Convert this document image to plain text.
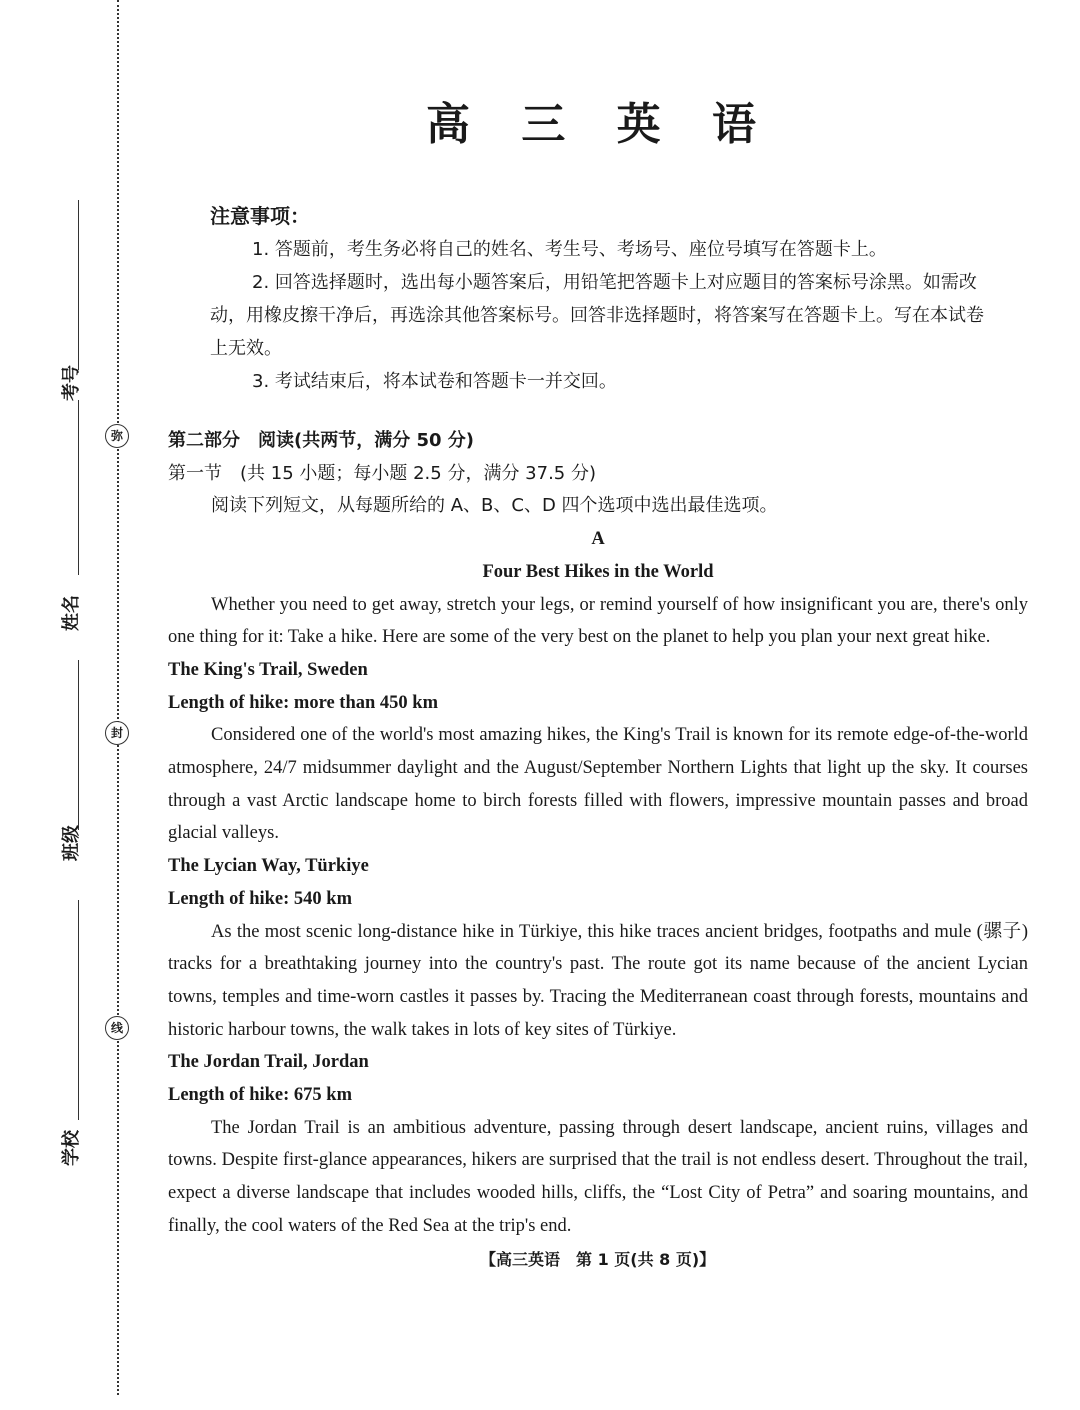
弥
封
线
考号
姓名
班级
学校
高 三 英 语
注意事项：

1. 答题前，考生务必将自己的姓名、考生号、考场号、座位号填写在答题卡上。

2. 回答选择题时，选出每小题答案后，用铅笔把答题卡上对应题目的答案标号涂黑。如需改动，用橡皮擦干净后，再选涂其他答案标号。回答非选择题时，将答案写在答题卡上。写在本试卷上无效。

3. 考试结束后，将本试卷和答题卡一并交回。

第二部分　阅读(共两节，满分 50 分)

第一节　(共 15 小题；每小题 2.5 分，满分 37.5 分)

阅读下列短文，从每题所给的 A、B、C、D 四个选项中选出最佳选项。

A

Four Best Hikes in the World

Whether you need to get away, stretch your legs, or remind yourself of how insignificant you are, there's only one thing for it: Take a hike. Here are some of the very best on the planet to help you plan your next great hike.

The King's Trail, Sweden

Length of hike: more than 450 km

Considered one of the world's most amazing hikes, the King's Trail is known for its remote edge-of-the-world atmosphere, 24/7 midsummer daylight and the August/September Northern Lights that light up the sky. It courses through a vast Arctic landscape home to birch forests filled with flowers, impressive mountain passes and broad glacial valleys.

The Lycian Way, Türkiye

Length of hike: 540 km

As the most scenic long-distance hike in Türkiye, this hike traces ancient bridges, footpaths and mule (骡子) tracks for a breathtaking journey into the country's past. The route got its name because of the ancient Lycian towns, temples and time-worn castles it passes by. Tracing the Mediterranean coast through forests, mountains and historic harbour towns, the walk takes in lots of key sites of Türkiye.

The Jordan Trail, Jordan

Length of hike: 675 km

The Jordan Trail is an ambitious adventure, passing through desert landscape, ancient ruins, villages and towns. Despite first-glance appearances, hikers are surprised that the trail is not endless desert. Throughout the trail, expect a diverse landscape that includes wooded hills, cliffs, the “Lost City of Petra” and soaring mountains, and finally, the cool waters of the Red Sea at the trip's end.

【高三英语　第 1 页(共 8 页)】
